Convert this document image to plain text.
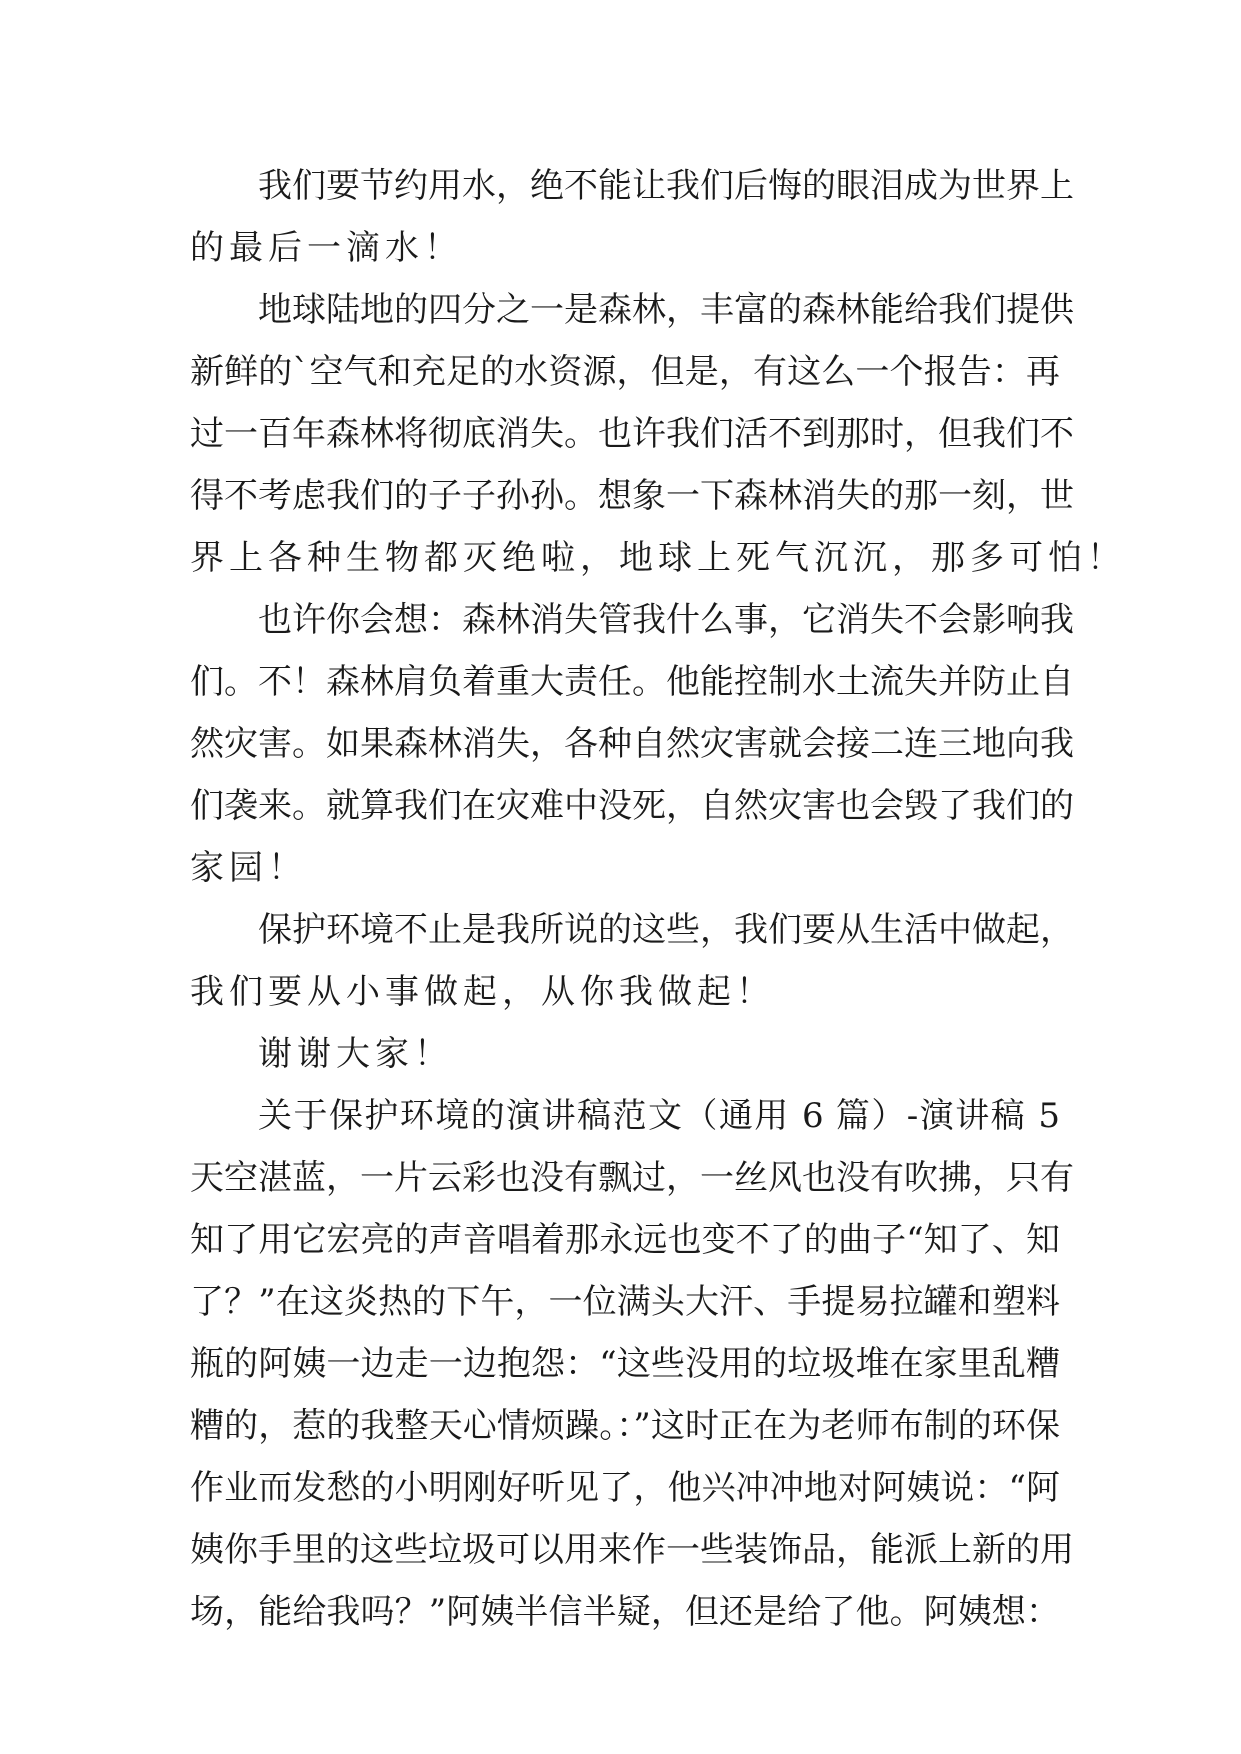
我们要节约用水，绝不能让我们后悔的眼泪成为世界上
的最后一滴水！
地球陆地的四分之一是森林，丰富的森林能给我们提供
新鲜的`空气和充足的水资源，但是，有这么一个报告：再
过一百年森林将彻底消失。也许我们活不到那时，但我们不
得不考虑我们的子子孙孙。想象一下森林消失的那一刻，世
界上各种生物都灭绝啦，地球上死气沉沉，那多可怕！
也许你会想：森林消失管我什么事，它消失不会影响我
们。不！森林肩负着重大责任。他能控制水土流失并防止自
然灾害。如果森林消失，各种自然灾害就会接二连三地向我
们袭来。就算我们在灾难中没死，自然灾害也会毁了我们的
家园！
保护环境不止是我所说的这些，我们要从生活中做起，
我们要从小事做起，从你我做起！
谢谢大家！
关于保护环境的演讲稿范文（通用 6 篇）-演讲稿 5
天空湛蓝，一片云彩也没有飘过，一丝风也没有吹拂，只有
知了用它宏亮的声音唱着那永远也变不了的曲子“知了、知
了？”在这炎热的下午，一位满头大汗、手提易拉罐和塑料
瓶的阿姨一边走一边抱怨：“这些没用的垃圾堆在家里乱糟
糟的，惹的我整天心情烦躁。：”这时正在为老师布制的环保
作业而发愁的小明刚好听见了，他兴冲冲地对阿姨说：“阿
姨你手里的这些垃圾可以用来作一些装饰品，能派上新的用
场，能给我吗？”阿姨半信半疑，但还是给了他。阿姨想：
